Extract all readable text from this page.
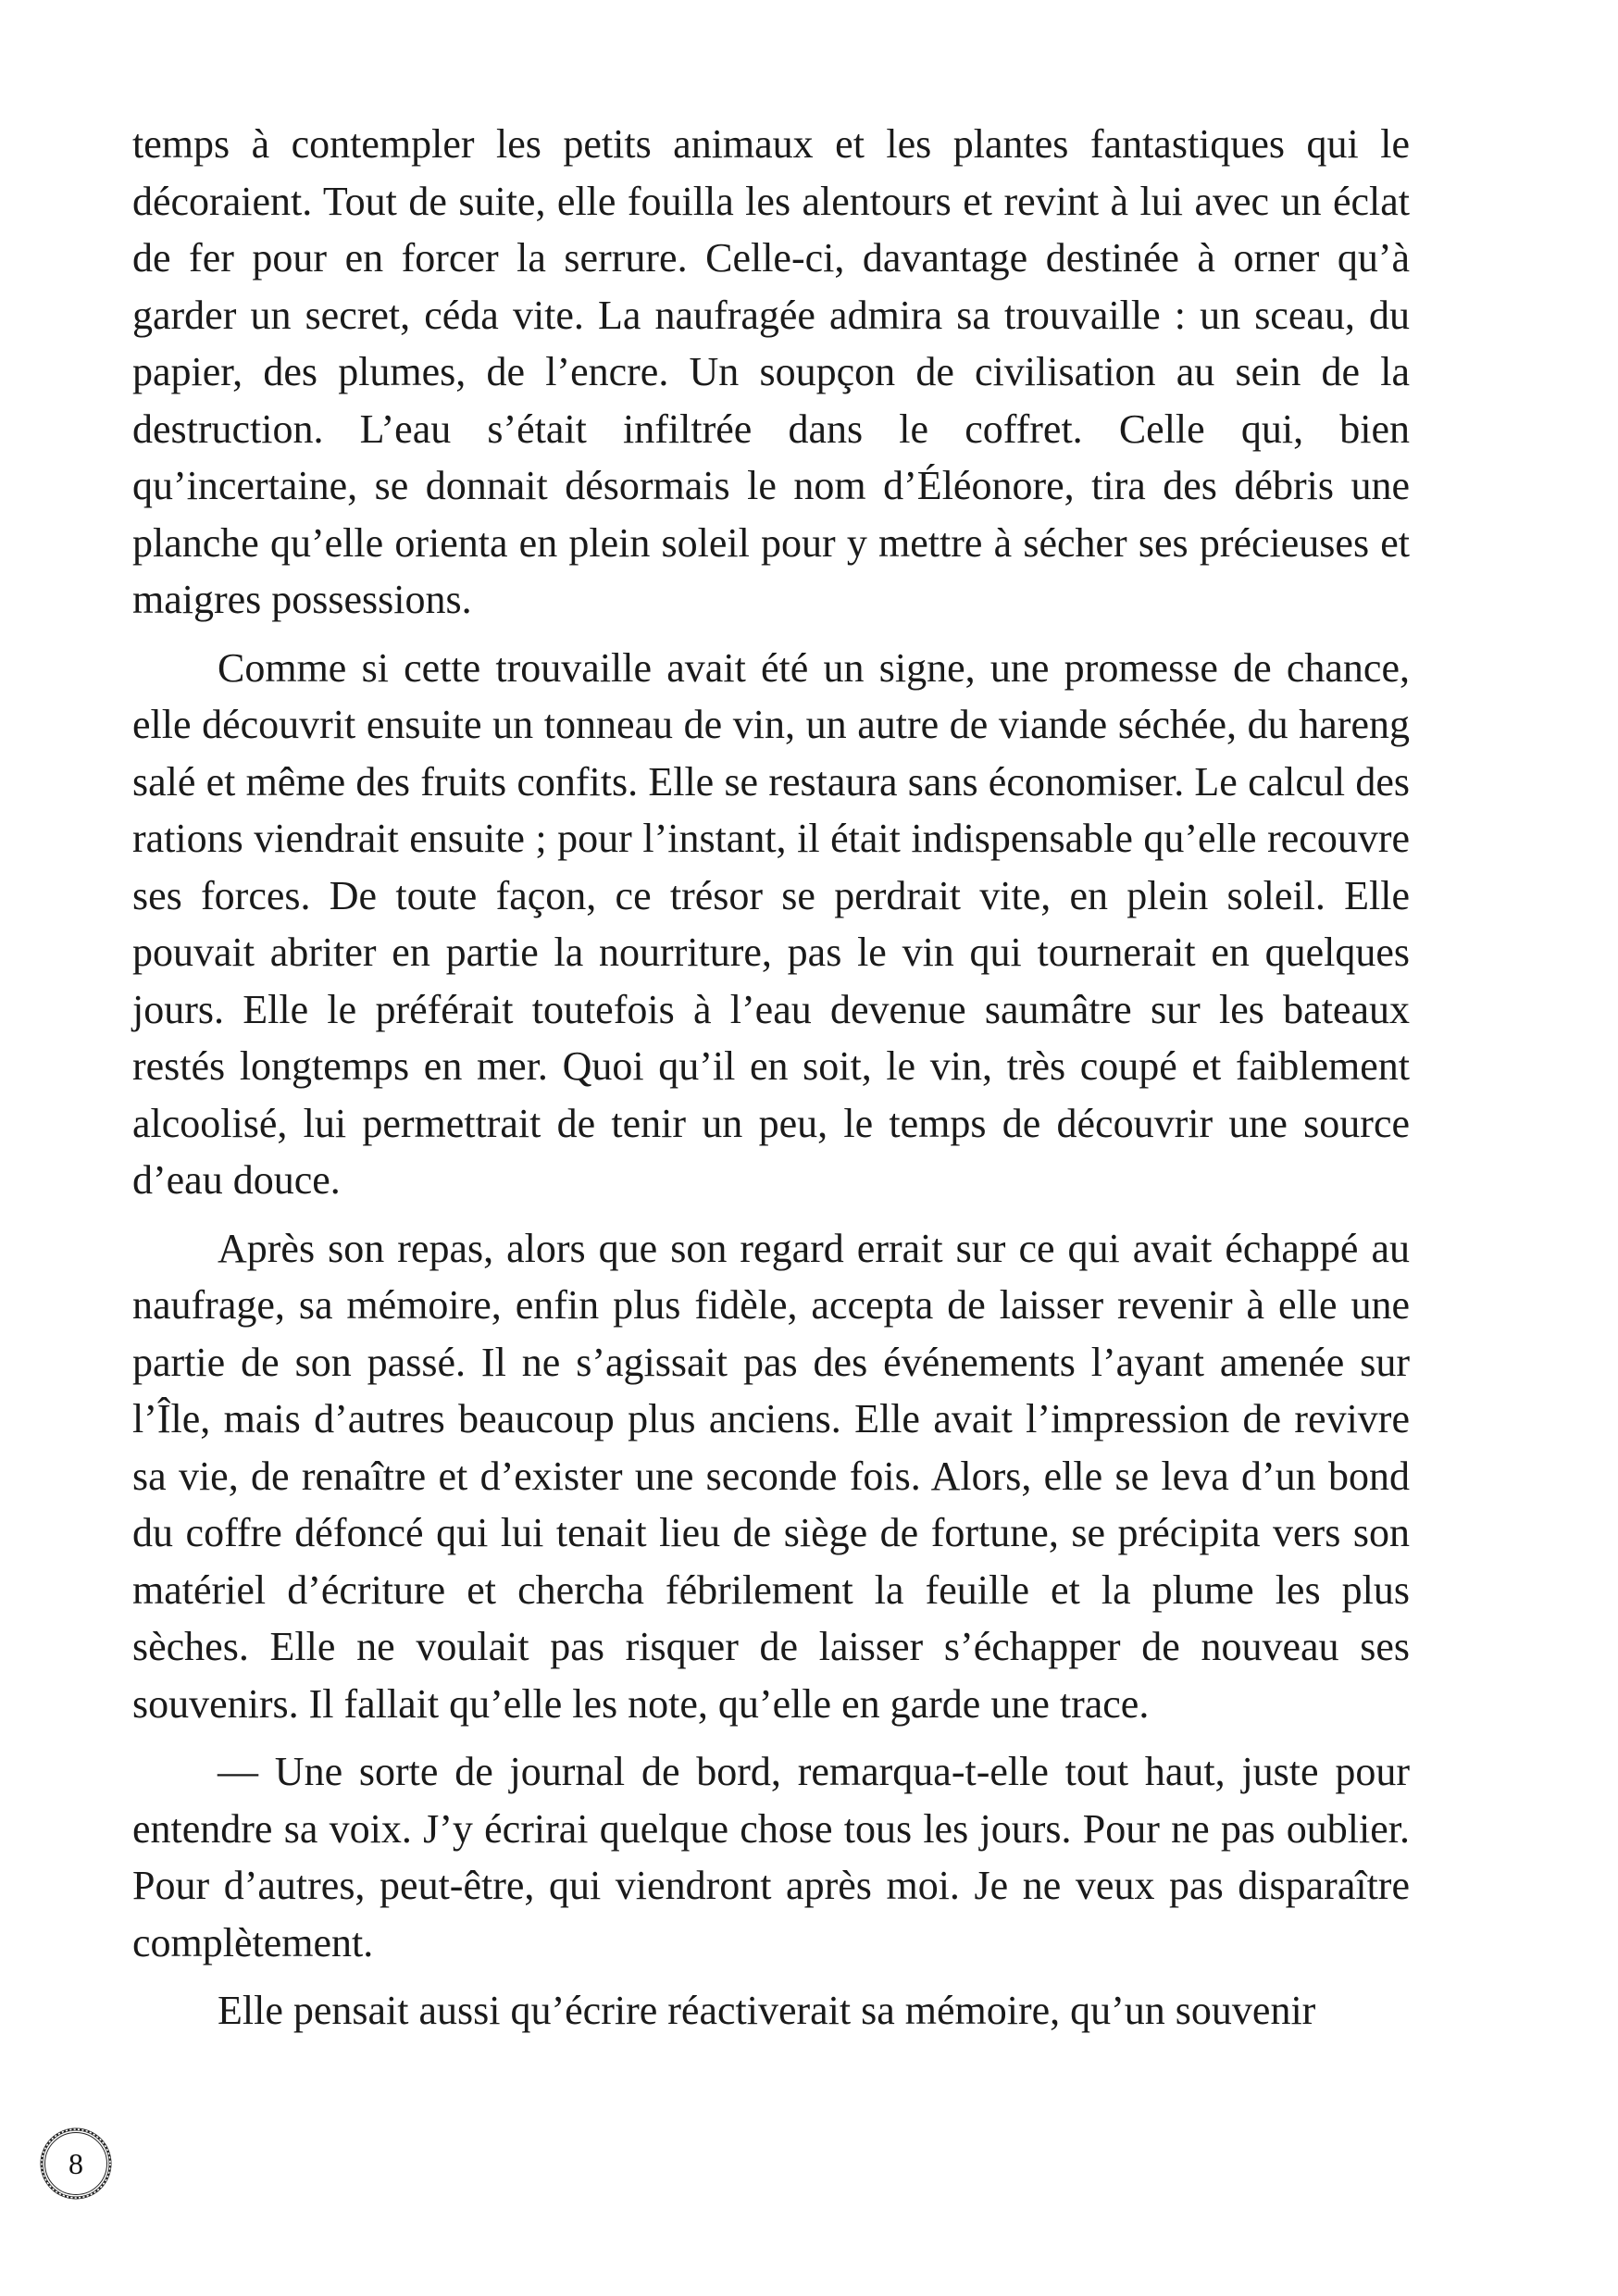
temps à contempler les petits animaux et les plantes fantastiques qui le décoraient. Tout de suite, elle fouilla les alentours et revint à lui avec un éclat de fer pour en forcer la serrure. Celle-ci, davantage destinée à orner qu’à garder un secret, céda vite. La naufragée admira sa trouvaille : un sceau, du papier, des plumes, de l’encre. Un soupçon de civilisation au sein de la destruction. L’eau s’était infiltrée dans le coffret. Celle qui, bien qu’incertaine, se donnait désormais le nom d’Éléonore, tira des débris une planche qu’elle orienta en plein soleil pour y mettre à sécher ses précieuses et maigres possessions.

Comme si cette trouvaille avait été un signe, une promesse de chance, elle découvrit ensuite un tonneau de vin, un autre de viande séchée, du hareng salé et même des fruits confits. Elle se restaura sans économiser. Le calcul des rations viendrait ensuite ; pour l’instant, il était indispensable qu’elle recouvre ses forces. De toute façon, ce trésor se perdrait vite, en plein soleil. Elle pouvait abriter en partie la nourriture, pas le vin qui tournerait en quelques jours. Elle le préférait toutefois à l’eau devenue saumâtre sur les bateaux restés longtemps en mer. Quoi qu’il en soit, le vin, très coupé et faiblement alcoolisé, lui permettrait de tenir un peu, le temps de découvrir une source d’eau douce.

Après son repas, alors que son regard errait sur ce qui avait échappé au naufrage, sa mémoire, enfin plus fidèle, accepta de laisser revenir à elle une partie de son passé. Il ne s’agissait pas des événements l’ayant amenée sur l’Île, mais d’autres beaucoup plus anciens. Elle avait l’impression de revivre sa vie, de renaître et d’exister une seconde fois. Alors, elle se leva d’un bond du coffre défoncé qui lui tenait lieu de siège de fortune, se précipita vers son matériel d’écriture et chercha fébrilement la feuille et la plume les plus sèches. Elle ne voulait pas risquer de laisser s’échapper de nouveau ses souvenirs. Il fallait qu’elle les note, qu’elle en garde une trace.

— Une sorte de journal de bord, remarqua-t-elle tout haut, juste pour entendre sa voix. J’y écrirai quelque chose tous les jours. Pour ne pas oublier. Pour d’autres, peut-être, qui viendront après moi. Je ne veux pas disparaître complètement.

Elle pensait aussi qu’écrire réactiverait sa mémoire, qu’un souvenir

8
